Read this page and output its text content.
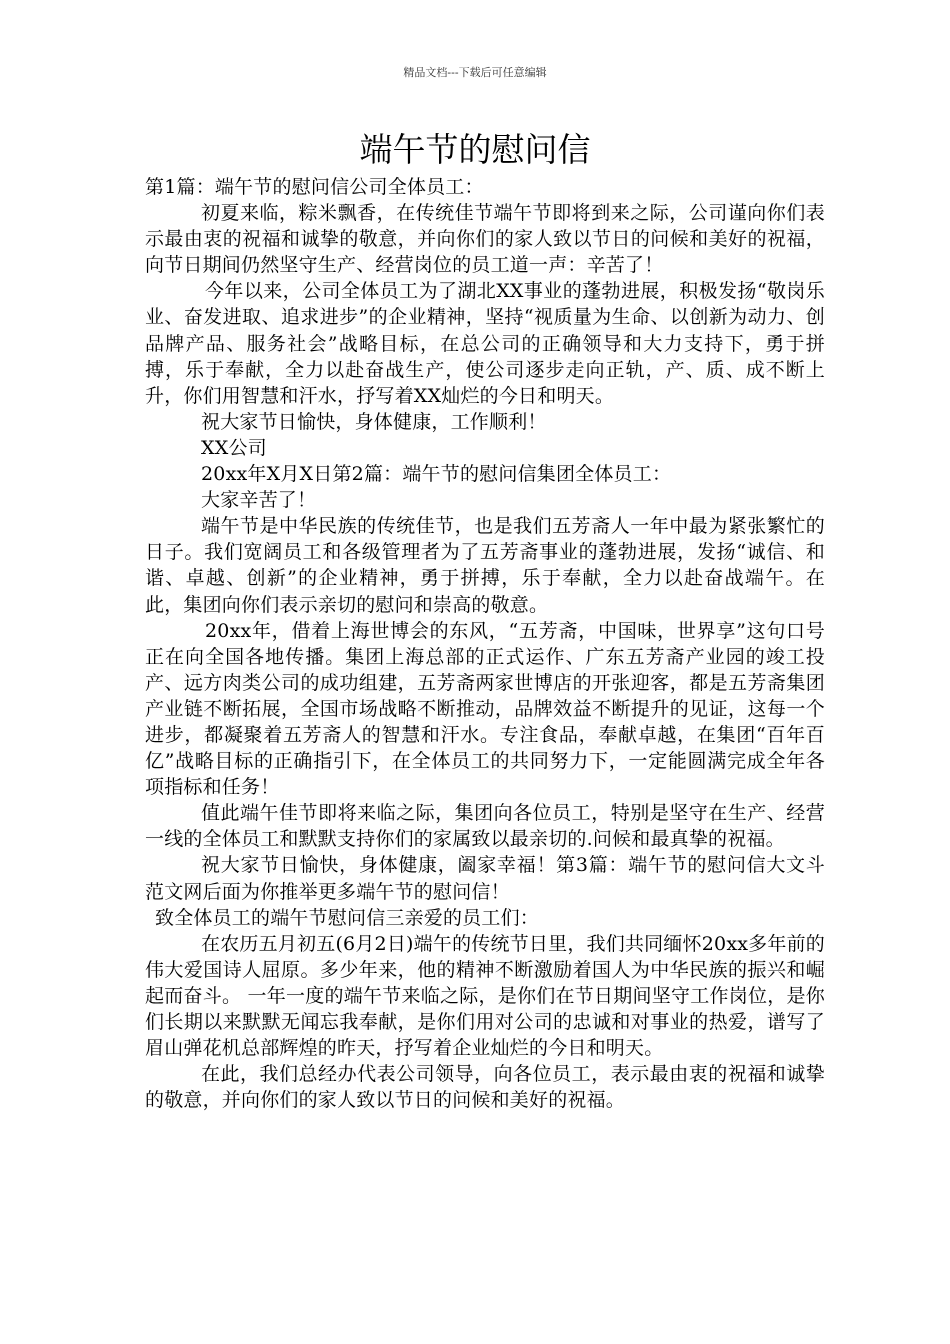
精品文档---下载后可任意编辑
端午节的慰问信

第1篇：端午节的慰问信公司全体员工：

初夏来临，粽米飘香，在传统佳节端午节即将到来之际，公司谨向你们表示最由衷的祝福和诚挚的敬意，并向你们的家人致以节日的问候和美好的祝福，向节日期间仍然坚守生产、经营岗位的员工道一声：辛苦了！

今年以来，公司全体员工为了湖北XX事业的蓬勃进展，积极发扬“敬岗乐业、奋发进取、追求进步”的企业精神，坚持“视质量为生命、以创新为动力、创品牌产品、服务社会”战略目标，在总公司的正确领导和大力支持下，勇于拼搏，乐于奉献，全力以赴奋战生产，使公司逐步走向正轨，产、质、成不断上升，你们用智慧和汗水，抒写着XX灿烂的今日和明天。

祝大家节日愉快，身体健康，工作顺利！

XX公司

20xx年X月X日第2篇：端午节的慰问信集团全体员工：

大家辛苦了！

端午节是中华民族的传统佳节，也是我们五芳斋人一年中最为紧张繁忙的日子。我们宽阔员工和各级管理者为了五芳斋事业的蓬勃进展，发扬“诚信、和谐、卓越、创新”的企业精神，勇于拼搏，乐于奉献，全力以赴奋战端午。在此，集团向你们表示亲切的慰问和崇高的敬意。

20xx年，借着上海世博会的东风，“五芳斋，中国味，世界享”这句口号正在向全国各地传播。集团上海总部的正式运作、广东五芳斋产业园的竣工投产、远方肉类公司的成功组建，五芳斋两家世博店的开张迎客，都是五芳斋集团产业链不断拓展，全国市场战略不断推动，品牌效益不断提升的见证，这每一个进步，都凝聚着五芳斋人的智慧和汗水。专注食品，奉献卓越，在集团“百年百亿”战略目标的正确指引下，在全体员工的共同努力下，一定能圆满完成全年各项指标和任务！

值此端午佳节即将来临之际，集团向各位员工，特别是坚守在生产、经营一线的全体员工和默默支持你们的家属致以最亲切的.问候和最真挚的祝福。

祝大家节日愉快，身体健康，阖家幸福！第3篇：端午节的慰问信大文斗范文网后面为你推举更多端午节的慰问信！

致全体员工的端午节慰问信三亲爱的员工们：

在农历五月初五(6月2日)端午的传统节日里，我们共同缅怀20xx多年前的伟大爱国诗人屈原。多少年来，他的精神不断激励着国人为中华民族的振兴和崛起而奋斗。 一年一度的端午节来临之际，是你们在节日期间坚守工作岗位，是你们长期以来默默无闻忘我奉献，是你们用对公司的忠诚和对事业的热爱，谱写了眉山弹花机总部辉煌的昨天，抒写着企业灿烂的今日和明天。

在此，我们总经办代表公司领导，向各位员工，表示最由衷的祝福和诚挚的敬意，并向你们的家人致以节日的问候和美好的祝福。
